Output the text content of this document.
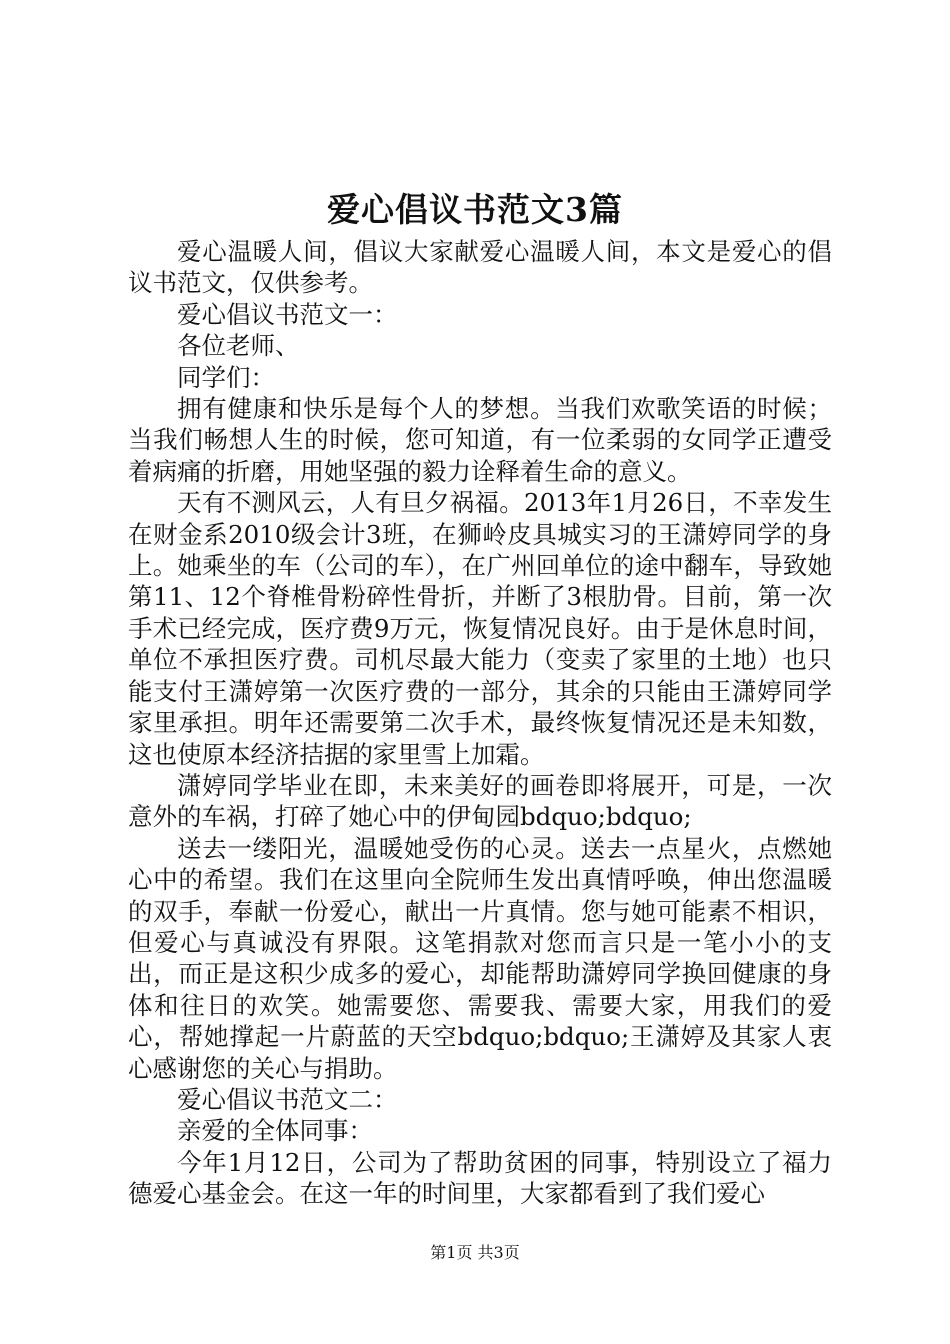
爱心倡议书范文3篇

爱心温暖人间，倡议大家献爱心温暖人间，本文是爱心的倡议书范文，仅供参考。

爱心倡议书范文一：

各位老师、

同学们：

拥有健康和快乐是每个人的梦想。当我们欢歌笑语的时候；当我们畅想人生的时候，您可知道，有一位柔弱的女同学正遭受着病痛的折磨，用她坚强的毅力诠释着生命的意义。

天有不测风云，人有旦夕祸福。2013年1月26日，不幸发生在财金系2010级会计3班，在狮岭皮具城实习的王潇婷同学的身上。她乘坐的车（公司的车），在广州回单位的途中翻车，导致她第11、12个脊椎骨粉碎性骨折，并断了3根肋骨。目前，第一次手术已经完成，医疗费9万元，恢复情况良好。由于是休息时间，单位不承担医疗费。司机尽最大能力（变卖了家里的土地）也只能支付王潇婷第一次医疗费的一部分，其余的只能由王潇婷同学家里承担。明年还需要第二次手术，最终恢复情况还是未知数，这也使原本经济拮据的家里雪上加霜。

潇婷同学毕业在即，未来美好的画卷即将展开，可是，一次意外的车祸，打碎了她心中的伊甸园bdquo;bdquo;

送去一缕阳光，温暖她受伤的心灵。送去一点星火，点燃她心中的希望。我们在这里向全院师生发出真情呼唤，伸出您温暖的双手，奉献一份爱心，献出一片真情。您与她可能素不相识，但爱心与真诚没有界限。这笔捐款对您而言只是一笔小小的支出，而正是这积少成多的爱心，却能帮助潇婷同学换回健康的身体和往日的欢笑。她需要您、需要我、需要大家，用我们的爱心，帮她撑起一片蔚蓝的天空bdquo;bdquo;王潇婷及其家人衷心感谢您的关心与捐助。

爱心倡议书范文二：

亲爱的全体同事：

今年1月12日，公司为了帮助贫困的同事，特别设立了福力德爱心基金会。在这一年的时间里，大家都看到了我们爱心

第1页 共3页
